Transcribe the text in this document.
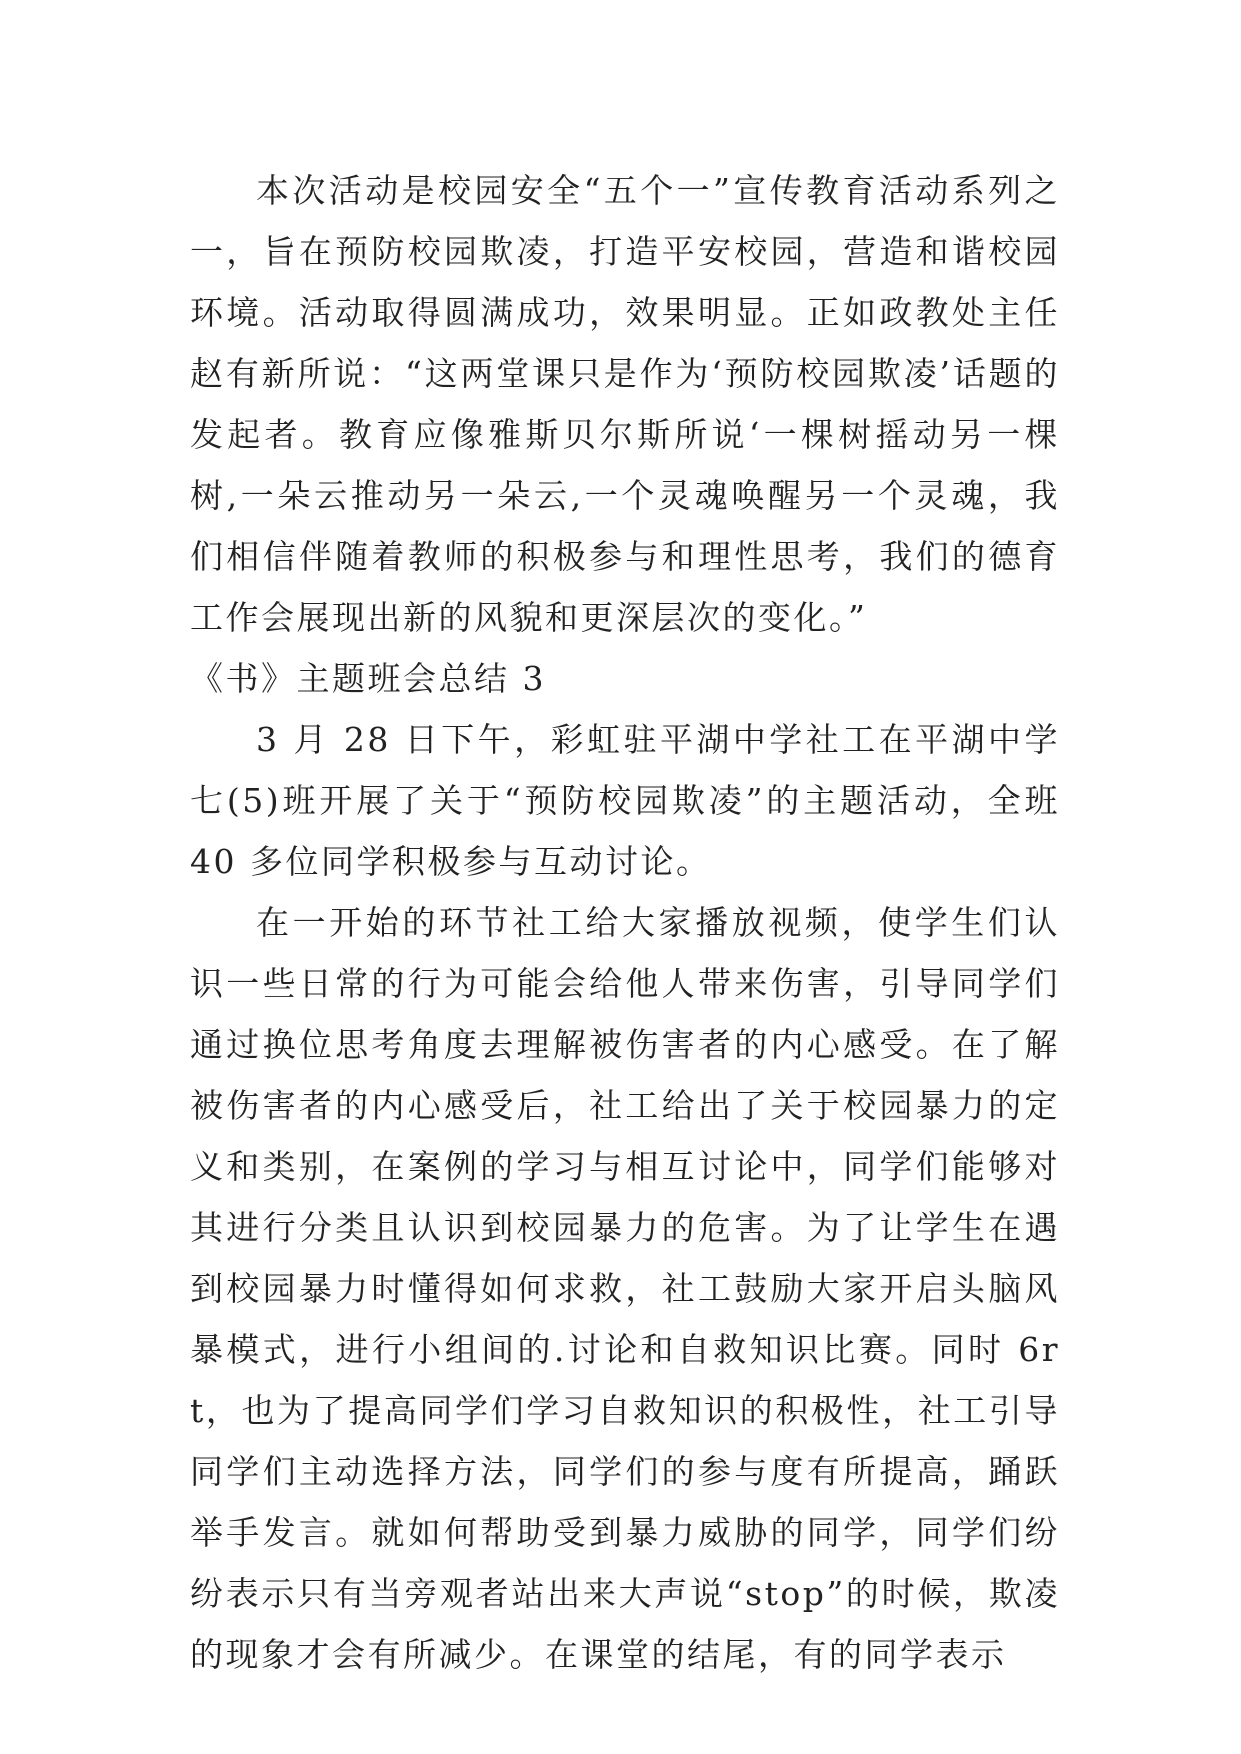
本次活动是校园安全“五个一”宣传教育活动系列之一，旨在预防校园欺凌，打造平安校园，营造和谐校园环境。活动取得圆满成功，效果明显。正如政教处主任赵有新所说：“这两堂课只是作为‘预防校园欺凌’话题的发起者。教育应像雅斯贝尔斯所说‘一棵树摇动另一棵树,一朵云推动另一朵云,一个灵魂唤醒另一个灵魂，我们相信伴随着教师的积极参与和理性思考，我们的德育工作会展现出新的风貌和更深层次的变化。”

《书》主题班会总结 3

3 月 28 日下午，彩虹驻平湖中学社工在平湖中学七(5)班开展了关于“预防校园欺凌”的主题活动，全班 40 多位同学积极参与互动讨论。

在一开始的环节社工给大家播放视频，使学生们认识一些日常的行为可能会给他人带来伤害，引导同学们通过换位思考角度去理解被伤害者的内心感受。在了解被伤害者的内心感受后，社工给出了关于校园暴力的定义和类别，在案例的学习与相互讨论中，同学们能够对其进行分类且认识到校园暴力的危害。为了让学生在遇到校园暴力时懂得如何求救，社工鼓励大家开启头脑风暴模式，进行小组间的.讨论和自救知识比赛。同时 6rt，也为了提高同学们学习自救知识的积极性，社工引导同学们主动选择方法，同学们的参与度有所提高，踊跃举手发言。就如何帮助受到暴力威胁的同学，同学们纷纷表示只有当旁观者站出来大声说“stop”的时候，欺凌的现象才会有所减少。在课堂的结尾，有的同学表示
